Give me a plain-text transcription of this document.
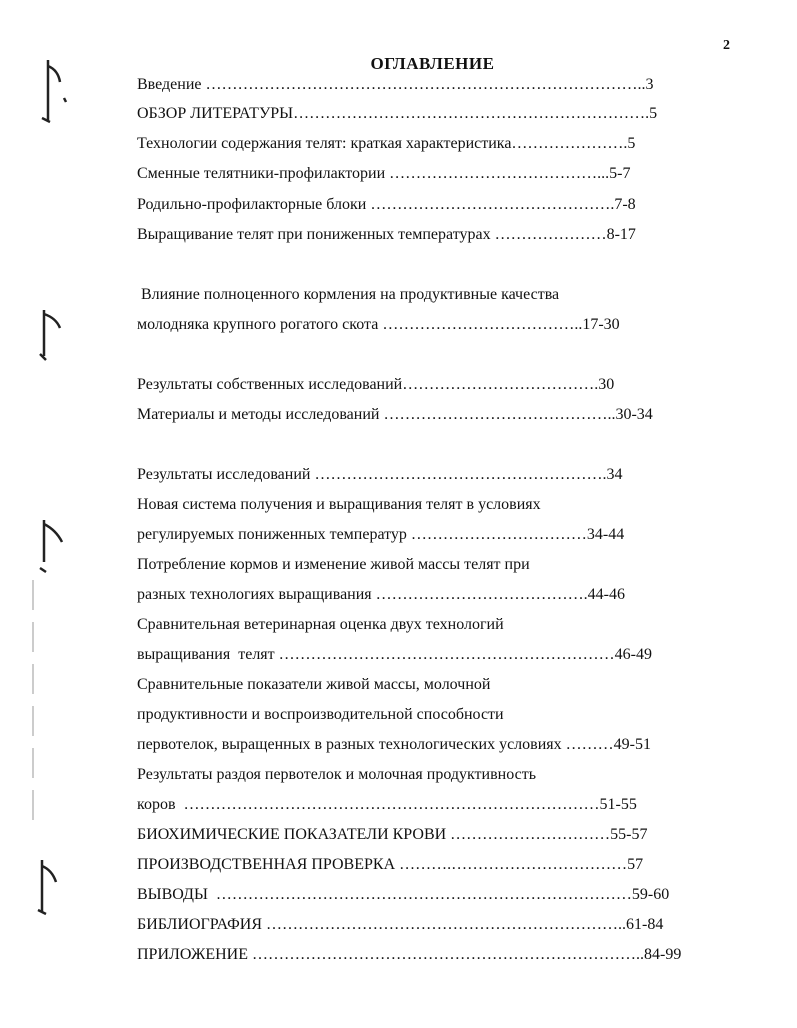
2
ОГЛАВЛЕНИЕ
Введение ………………………………………………………………………..3
ОБЗОР ЛИТЕРАТУРЫ………………………………………………………….5
Технологии содержания телят: краткая характеристика………………….5
Сменные телятники-профилактории …………………………………...5-7
Родильно-профилакторные блоки ……………………………………….7-8
Выращивание телят при пониженных температурах …………………8-17
Влияние полноценного кормления на продуктивные качества
молодняка крупного рогатого скота ………………………………..17-30
Результаты собственных исследований……………………………….30
Материалы и методы исследований ……………………………………..30-34
Результаты исследований ……………………………………………….34
Новая система получения и выращивания телят в условиях
регулируемых пониженных температур ……………………………34-44
Потребление кормов и изменение живой массы телят при
разных технологиях выращивания ………………………………….44-46
Сравнительная ветеринарная оценка двух технологий
выращивания  телят ………………………………………………………46-49
Сравнительные показатели живой массы, молочной
продуктивности и воспроизводительной способности
первотелок, выращенных в разных технологических условиях ………49-51
Результаты раздоя первотелок и молочная продуктивность
коров  ……………………………………………………………………51-55
БИОХИМИЧЕСКИЕ ПОКАЗАТЕЛИ КРОВИ …………………………55-57
ПРОИЗВОДСТВЕННАЯ ПРОВЕРКА ……….……………………………57
ВЫВОДЫ  ……………………………………………………………………59-60
БИБЛИОГРАФИЯ …………………………………………………………..61-84
ПРИЛОЖЕНИЕ ………………………………………………………………..84-99
